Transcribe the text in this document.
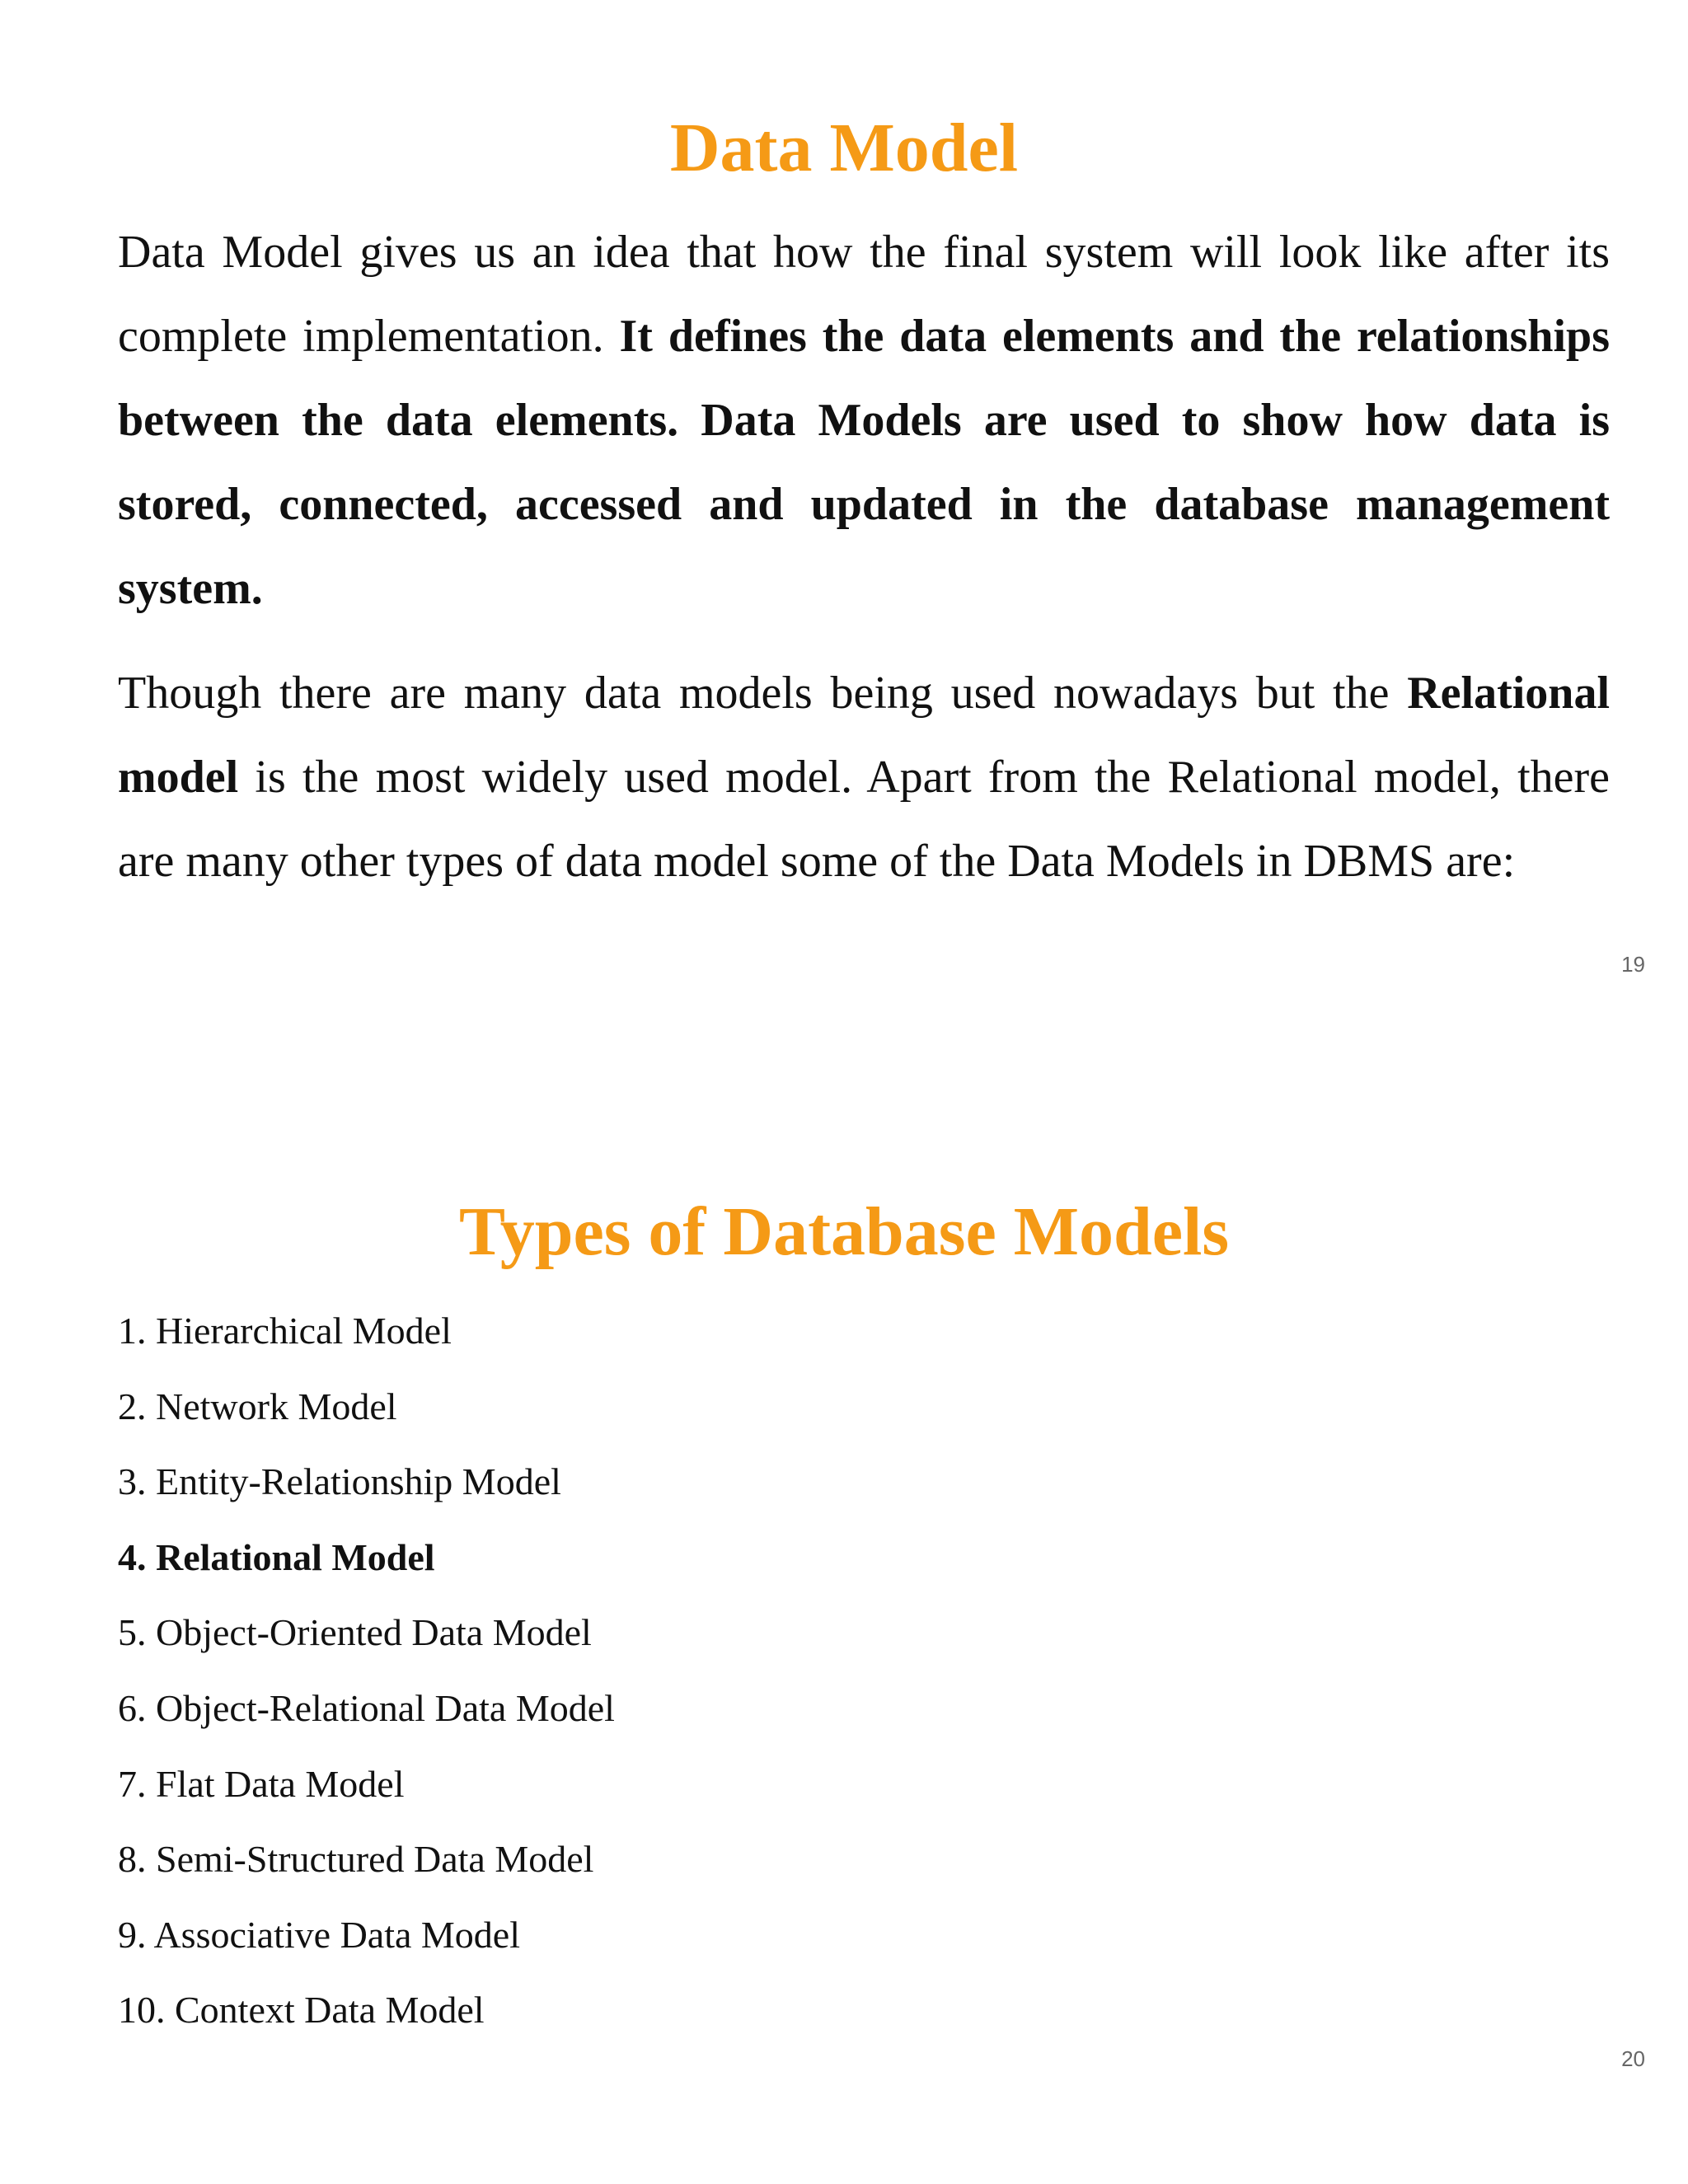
Data Model

Data Model gives us an idea that how the final system will look like after its complete implementation. It defines the data elements and the relationships between the data elements. Data Models are used to show how data is stored, connected, accessed and updated in the database management system.

Though there are many data models being used nowadays but the Relational model is the most widely used model. Apart from the Relational model, there are many other types of data model some of the Data Models in DBMS are:

19
Types of Database Models
1. Hierarchical Model
2. Network Model
3. Entity-Relationship Model
4. Relational Model
5. Object-Oriented Data Model
6. Object-Relational Data Model
7. Flat Data Model
8. Semi-Structured Data Model
9. Associative Data Model
10. Context Data Model
20
